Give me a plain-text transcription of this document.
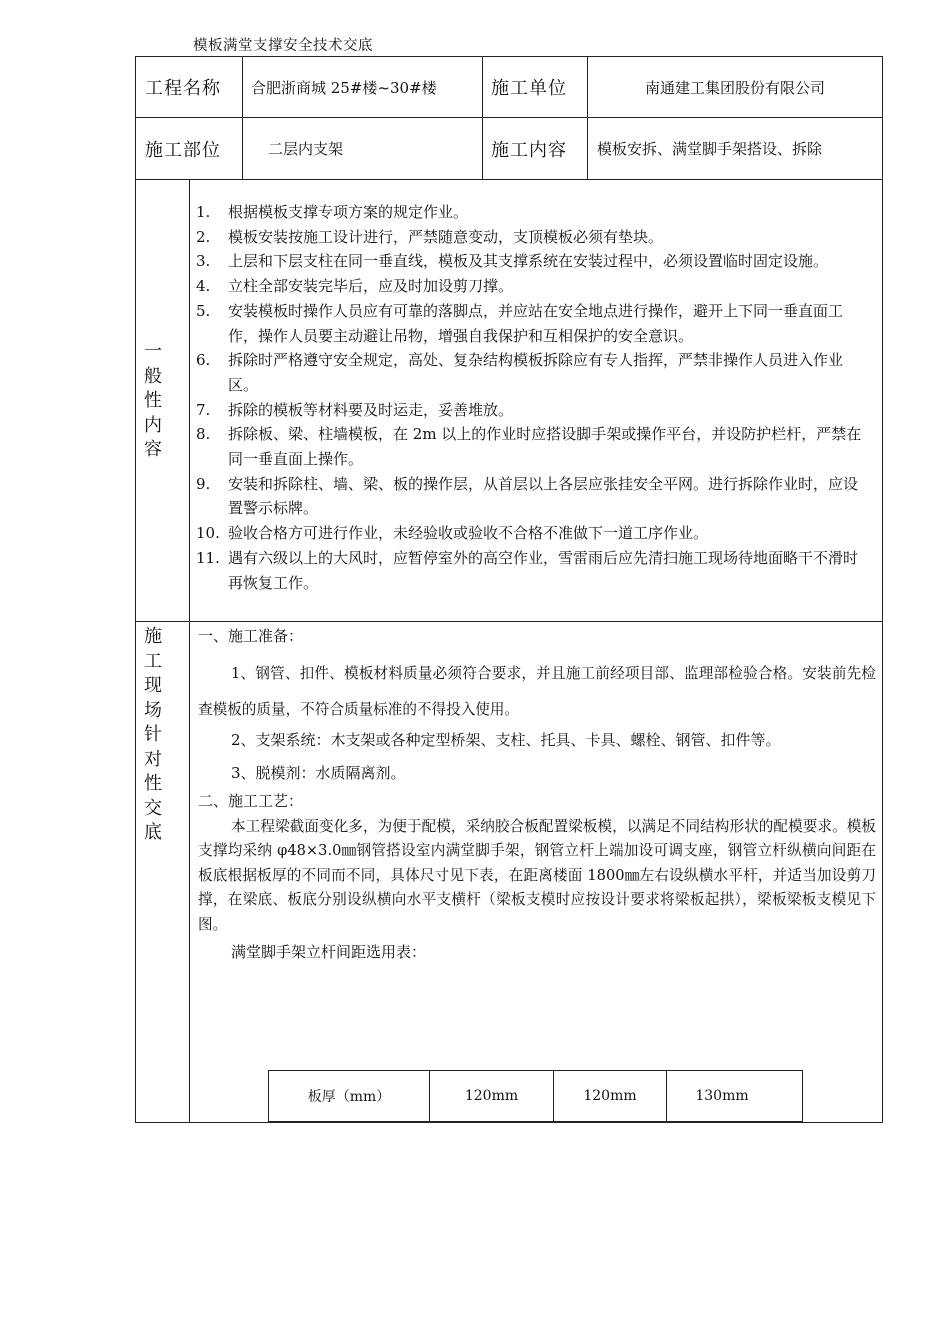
模板满堂支撑安全技术交底
工程名称	合肥浙商城 25#楼~30#楼	施工单位	南通建工集团股份有限公司
施工部位	二层内支架	施工内容	模板安拆、满堂脚手架搭设、拆除
一般性内容
1. 根据模板支撑专项方案的规定作业。
2. 模板安装按施工设计进行，严禁随意变动，支顶模板必须有垫块。
3. 上层和下层支柱在同一垂直线，模板及其支撑系统在安装过程中，必须设置临时固定设施。
4. 立柱全部安装完毕后，应及时加设剪刀撑。
5. 安装模板时操作人员应有可靠的落脚点，并应站在安全地点进行操作，避开上下同一垂直面工作，操作人员要主动避让吊物，增强自我保护和互相保护的安全意识。
6. 拆除时严格遵守安全规定，高处、复杂结构模板拆除应有专人指挥，严禁非操作人员进入作业区。
7. 拆除的模板等材料要及时运走，妥善堆放。
8. 拆除板、梁、柱墙模板，在 2m 以上的作业时应搭设脚手架或操作平台，并设防护栏杆，严禁在同一垂直面上操作。
9. 安装和拆除柱、墙、梁、板的操作层，从首层以上各层应张挂安全平网。进行拆除作业时，应设置警示标牌。
10. 验收合格方可进行作业，未经验收或验收不合格不准做下一道工序作业。
11. 遇有六级以上的大风时，应暂停室外的高空作业，雪雷雨后应先清扫施工现场待地面略干不滑时再恢复工作。
施工现场针对性交底
一、施工准备：
1、钢管、扣件、模板材料质量必须符合要求，并且施工前经项目部、监理部检验合格。安装前先检查模板的质量，不符合质量标准的不得投入使用。
2、支架系统：木支架或各种定型桥架、支柱、托具、卡具、螺栓、钢管、扣件等。
3、脱模剂：水质隔离剂。
二、施工工艺：
本工程梁截面变化多，为便于配模，采纳胶合板配置梁板模，以满足不同结构形状的配模要求。模板支撑均采纳 φ48×3.0㎜钢管搭设室内满堂脚手架，钢管立杆上端加设可调支座，钢管立杆纵横向间距在板底根据板厚的不同而不同，具体尺寸见下表，在距离楼面 1800㎜左右设纵横水平杆，并适当加设剪刀撑，在梁底、板底分别设纵横向水平支横杆（梁板支模时应按设计要求将梁板起拱），梁板梁板支模见下图。
满堂脚手架立杆间距选用表：
板厚（mm）	120mm	120mm	130mm
